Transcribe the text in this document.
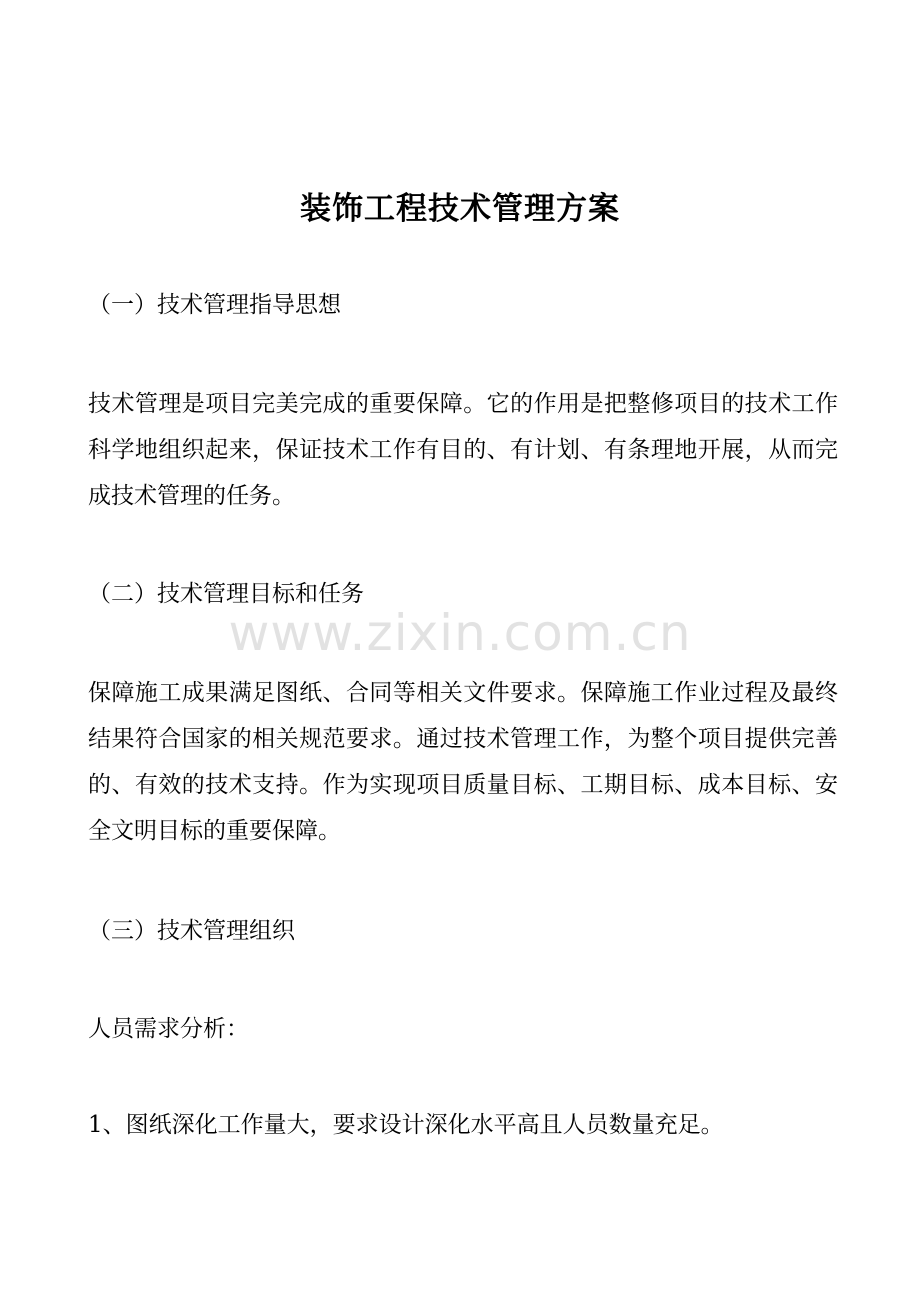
装饰工程技术管理方案
（一）技术管理指导思想

技术管理是项目完美完成的重要保障。它的作用是把整修项目的技术工作科学地组织起来，保证技术工作有目的、有计划、有条理地开展，从而完成技术管理的任务。

（二）技术管理目标和任务

保障施工成果满足图纸、合同等相关文件要求。保障施工作业过程及最终结果符合国家的相关规范要求。通过技术管理工作，为整个项目提供完善的、有效的技术支持。作为实现项目质量目标、工期目标、成本目标、安全文明目标的重要保障。

（三）技术管理组织
人员需求分析：
1、图纸深化工作量大，要求设计深化水平高且人员数量充足。
www.zixin.com.cn
